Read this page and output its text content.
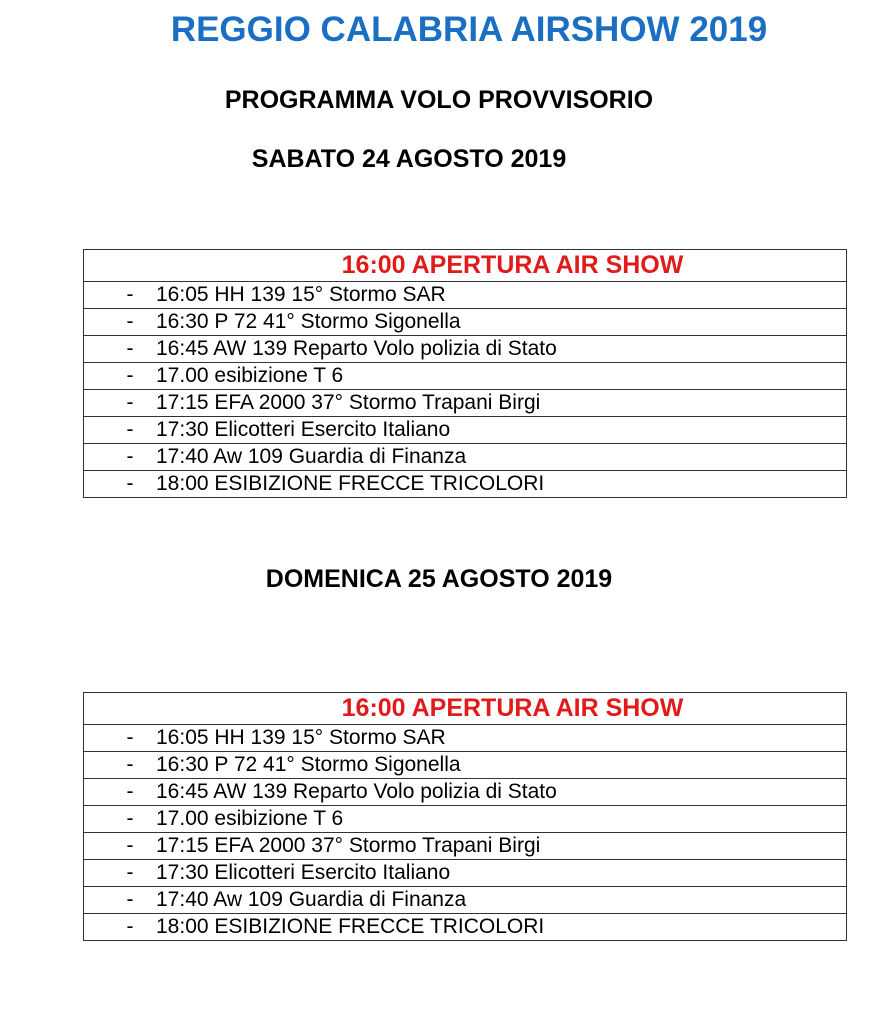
REGGIO CALABRIA AIRSHOW 2019
PROGRAMMA VOLO PROVVISORIO
SABATO 24 AGOSTO 2019
16:00 APERTURA AIR SHOW
- 16:05 HH 139 15° Stormo SAR
- 16:30 P 72 41° Stormo Sigonella
- 16:45 AW 139 Reparto Volo polizia di Stato
- 17.00 esibizione T 6
- 17:15 EFA 2000 37° Stormo Trapani Birgi
- 17:30 Elicotteri Esercito Italiano
- 17:40 Aw 109 Guardia di Finanza
- 18:00 ESIBIZIONE FRECCE TRICOLORI
DOMENICA 25 AGOSTO 2019
16:00 APERTURA AIR SHOW
- 16:05 HH 139 15° Stormo SAR
- 16:30 P 72 41° Stormo Sigonella
- 16:45 AW 139 Reparto Volo polizia di Stato
- 17.00 esibizione T 6
- 17:15 EFA 2000 37° Stormo Trapani Birgi
- 17:30 Elicotteri Esercito Italiano
- 17:40 Aw 109 Guardia di Finanza
- 18:00 ESIBIZIONE FRECCE TRICOLORI
